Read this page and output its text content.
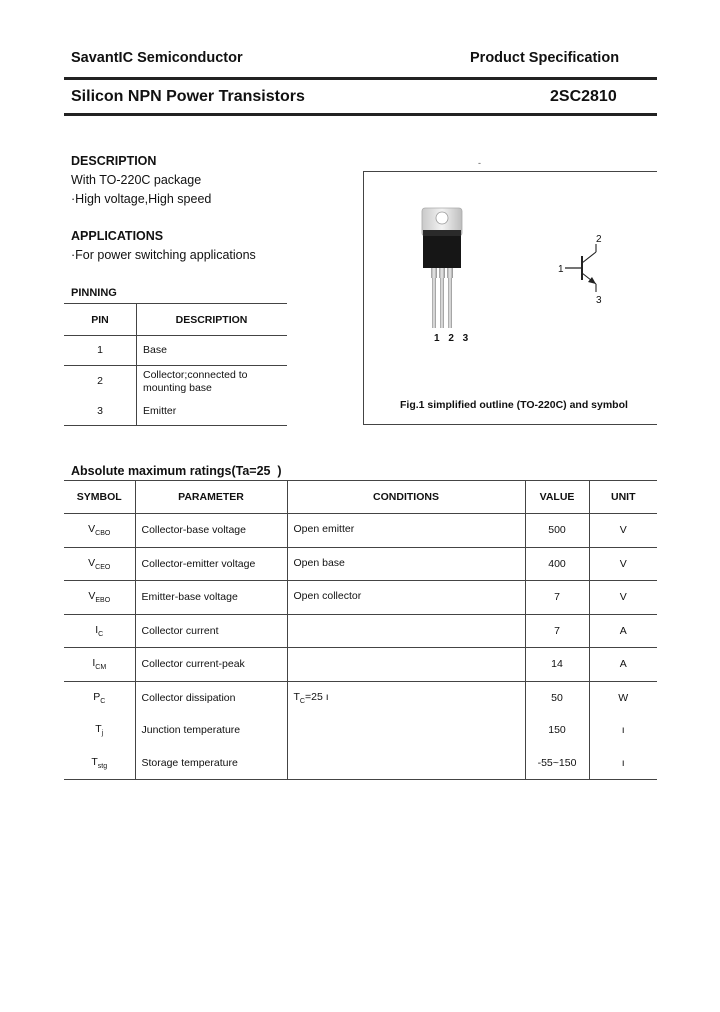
SavantIC Semiconductor	Product Specification
Silicon NPN Power Transistors	2SC2810
DESCRIPTION
With TO-220C package
·High voltage,High speed
APPLICATIONS
·For power switching applications
PINNING
PIN	DESCRIPTION
1	Base
2	Collector;connected to mounting base
3	Emitter
-
1 2 3
2
1
3
Fig.1 simplified outline (TO-220C) and symbol
Absolute maximum ratings(Ta=25  )
SYMBOL	PARAMETER	CONDITIONS	VALUE	UNIT
$V_{CBO}$	Collector-base voltage	Open emitter	500	V
$V_{CEO}$	Collector-emitter voltage	Open base	400	V
$V_{EBO}$	Emitter-base voltage	Open collector	7	V
$I_C$	Collector current		7	A
$I_{CM}$	Collector current-peak		14	A
$P_C$	Collector dissipation	$T_C=25$ ı	50	W
$T_j$	Junction temperature		150	ı
$T_{stg}$	Storage temperature		-55~150	ı
